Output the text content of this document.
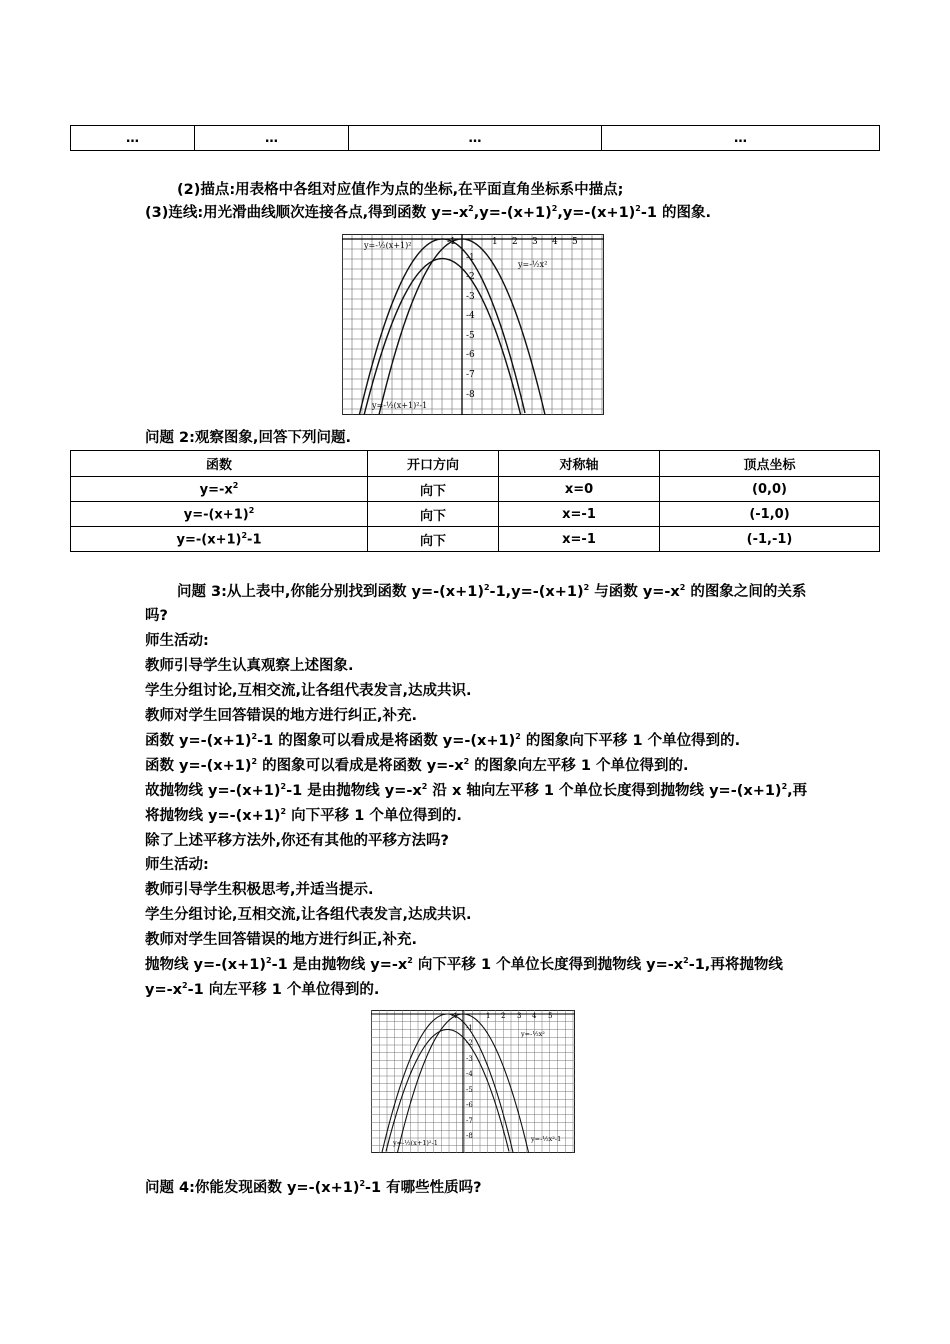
…	…	…	…
(2)描点:用表格中各组对应值作为点的坐标,在平面直角坐标系中描点;
(3)连线:用光滑曲线顺次连接各点,得到函数 $y=-x^2,y=-(x+1)^2,y=-(x+1)^2-1$ 的图象.
-1	1 2 3 4 5
-1
-2
-3
-4
-5
-6
-7
-8
y=-½(x+1)²
y=-½x²
y=-½(x+1)²-1
问题 2:观察图象,回答下列问题.
函数	开口方向	对称轴	顶点坐标
$y=-x^2$	向下	x=0	(0,0)
$y=-(x+1)^2$	向下	x=-1	(-1,0)
$y=-(x+1)^2-1$	向下	x=-1	(-1,-1)
问题 3:从上表中,你能分别找到函数 $y=-(x+1)^2-1,y=-(x+1)^2$ 与函数 $y=-x^2$ 的图象之间的关系
吗?
师生活动:
教师引导学生认真观察上述图象.
学生分组讨论,互相交流,让各组代表发言,达成共识.
教师对学生回答错误的地方进行纠正,补充.
函数 $y=-(x+1)^2-1$ 的图象可以看成是将函数 $y=-(x+1)^2$ 的图象向下平移 1 个单位得到的.
函数 $y=-(x+1)^2$ 的图象可以看成是将函数 $y=-x^2$ 的图象向左平移 1 个单位得到的.
故抛物线 $y=-(x+1)^2-1$ 是由抛物线 $y=-x^2$ 沿 x 轴向左平移 1 个单位长度得到抛物线 $y=-(x+1)^2$,再
将抛物线 $y=-(x+1)^2$ 向下平移 1 个单位得到的.
除了上述平移方法外,你还有其他的平移方法吗?
师生活动:
教师引导学生积极思考,并适当提示.
学生分组讨论,互相交流,让各组代表发言,达成共识.
教师对学生回答错误的地方进行纠正,补充.
抛物线 $y=-(x+1)^2-1$ 是由抛物线 $y=-x^2$ 向下平移 1 个单位长度得到抛物线 $y=-x^2-1$,再将抛物线
$y=-x^2-1$ 向左平移 1 个单位得到的.
-1	1 2 3 4 5
-1
-2
-3
-4
-5
-6
-7
-8
y=-½x²
y=-½(x+1)²-1	y=-½x²-1
问题 4:你能发现函数 $y=-(x+1)^2-1$ 有哪些性质吗?
